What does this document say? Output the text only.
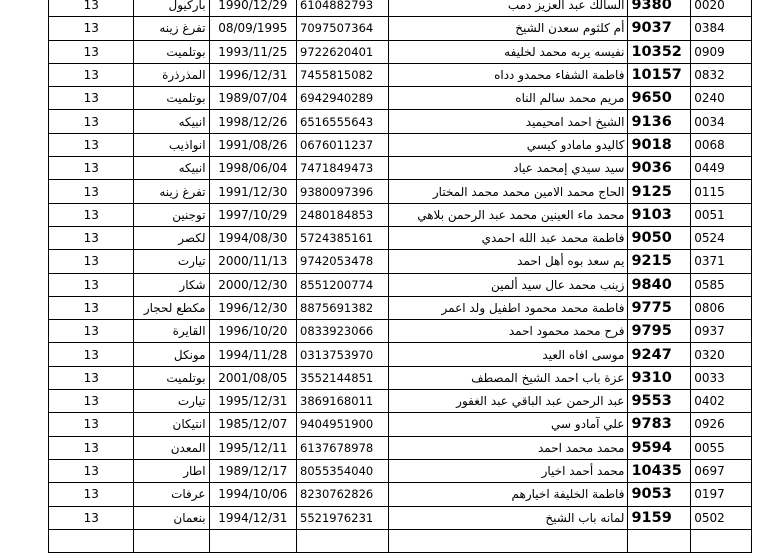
13	باركيول	1990/12/29	6104882793	السالك عبد العزيز دمب	9380	0020
13	تفرغ زينه	08/09/1995	7097507364	أم كلثوم سعدن الشيخ	9037	0384
13	بوتلميت	1993/11/25	9722620401	نفيسه يربه محمد لخليفه	10352	0909
13	المذرذرة	1996/12/31	7455815082	فاطمة الشفاء محمدو دداه	10157	0832
13	بوتلميت	1989/07/04	6942940289	مريم محمد سالم الناه	9650	0240
13	انبيكه	1998/12/26	6516555643	الشيخ احمد امحيميد	9136	0034
13	انواذيب	1991/08/26	0676011237	كاليدو مامادو كيسي	9018	0068
13	انبيكه	1998/06/04	7471849473	سيد سيدي إمحمد عياد	9036	0449
13	تفرغ زينه	1991/12/30	9380097396	الحاج محمد الامين محمد محمد المختار	9125	0115
13	توجنين	1997/10/29	2480184853	محمد ماء العينين محمد عبد الرحمن بلاهي	9103	0051
13	لكصر	1994/08/30	5724385161	فاطمة محمد عبد الله احمدي	9050	0524
13	تيارت	2000/11/13	9742053478	يم سعد بوه أهل احمد	9215	0371
13	شكار	2000/12/30	8551200774	زينب محمد عال سيد ألمين	9840	0585
13	مكطع لحجار	1996/12/30	8875691382	فاطمة محمد محمود اطفيل ولد اعمر	9775	0806
13	القايرة	1996/10/20	0833923066	فرح محمد محمود احمد	9795	0937
13	مونكل	1994/11/28	0313753970	موسى افاه العيد	9247	0320
13	بوتلميت	2001/08/05	3552144851	عزة باب احمد الشيخ المصطف	9310	0033
13	تيارت	1995/12/31	3869168011	عبد الرحمن عبد الباقي عبد الغفور	9553	0402
13	انتيكان	1985/12/07	9404951900	علي آمادو سي	9783	0926
13	المعدن	1995/12/11	6137678978	محمد محمد احمد	9594	0055
13	اطار	1989/12/17	8055354040	محمد أحمد اخيار	10435	0697
13	عرفات	1994/10/06	8230762826	فاطمة الخليفة اخيارهم	9053	0197
13	بنعمان	1994/12/31	5521976231	لمانه باب الشيخ	9159	0502
